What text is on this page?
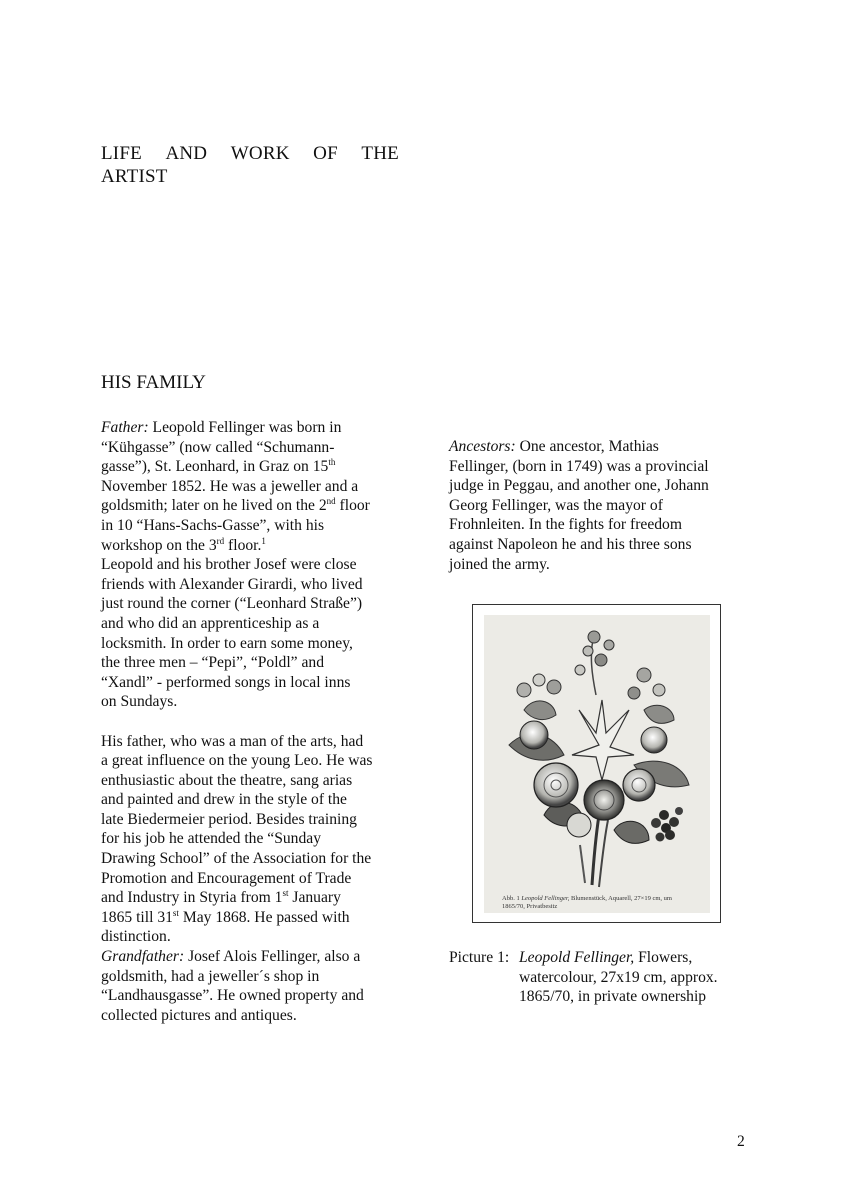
LIFE AND WORK OF THE
ARTIST
HIS FAMILY

Father: Leopold Fellinger was born in

“Kühgasse” (now called “Schumann-

gasse”), St. Leonhard, in Graz on 15th

November 1852. He was a jeweller and a

goldsmith; later on he lived on the 2nd floor

in 10 “Hans-Sachs-Gasse”, with his

workshop on the 3rd floor.$^1$

Leopold and his brother Josef were close

friends with Alexander Girardi, who lived

just round the corner (“Leonhard Straße”)

and who did an apprenticeship as a

locksmith. In order to earn some money,

the three men – “Pepi”, “Poldl” and

“Xandl” - performed songs in local inns

on Sundays.

His father, who was a man of the arts, had

a great influence on the young Leo. He was

enthusiastic about the theatre, sang arias

and painted and drew in the style of the

late Biedermeier period. Besides training

for his job he attended the “Sunday

Drawing School” of the Association for the

Promotion and Encouragement of Trade

and Industry in Styria from 1st January

1865 till 31st May 1868. He passed with

distinction.

Grandfather: Josef Alois Fellinger, also a

goldsmith, had a jeweller´s shop in

“Landhausgasse”. He owned property and

collected pictures and antiques.

Ancestors: One ancestor, Mathias

Fellinger, (born in 1749) was a provincial

judge in Peggau, and another one, Johann

Georg Fellinger, was the mayor of

Frohnleiten. In the fights for freedom

against Napoleon he and his three sons

joined the army.

Abb. 1 Leopold Fellinger, Blumenstück, Aquarell, 27×19 cm, um
1865/70, Privatbesitz
Picture 1: Leopold Fellinger, Flowers,
watercolour, 27x19 cm, approx.
1865/70, in private ownership
2
